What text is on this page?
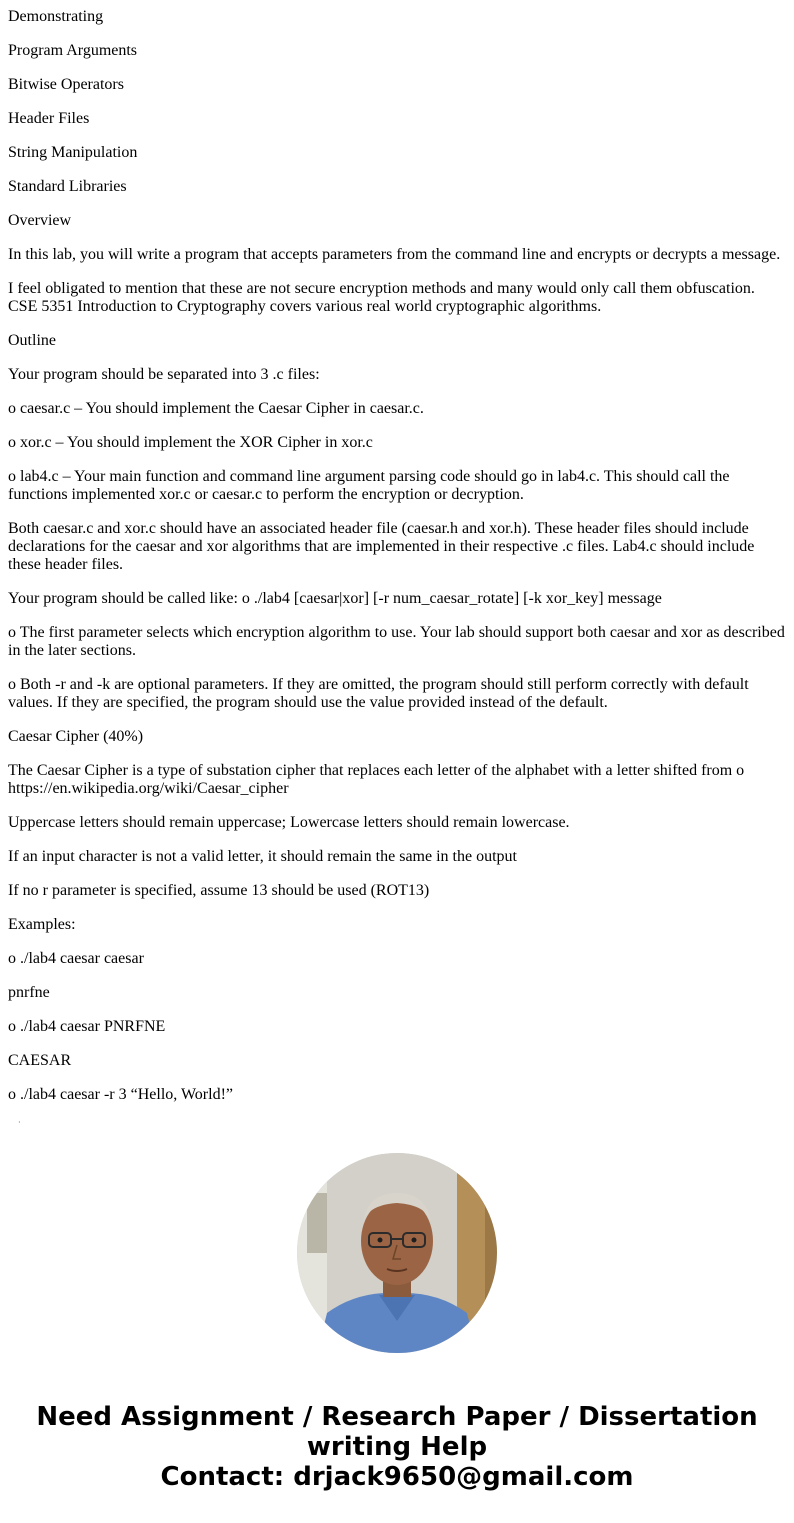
Demonstrating

Program Arguments

Bitwise Operators

Header Files

String Manipulation

Standard Libraries

Overview

In this lab, you will write a program that accepts parameters from the command line and encrypts or decrypts a message.

I feel obligated to mention that these are not secure encryption methods and many would only call them obfuscation. CSE 5351 Introduction to Cryptography covers various real world cryptographic algorithms.

Outline

Your program should be separated into 3 .c files:

o caesar.c – You should implement the Caesar Cipher in caesar.c.

o xor.c – You should implement the XOR Cipher in xor.c

o lab4.c – Your main function and command line argument parsing code should go in lab4.c. This should call the functions implemented xor.c or caesar.c to perform the encryption or decryption.

Both caesar.c and xor.c should have an associated header file (caesar.h and xor.h). These header files should include declarations for the caesar and xor algorithms that are implemented in their respective .c files. Lab4.c should include these header files.

Your program should be called like: o ./lab4 [caesar|xor] [-r num_caesar_rotate] [-k xor_key] message

o The first parameter selects which encryption algorithm to use. Your lab should support both caesar and xor as described in the later sections.

o Both -r and -k are optional parameters. If they are omitted, the program should still perform correctly with default values. If they are specified, the program should use the value provided instead of the default.

Caesar Cipher (40%)

The Caesar Cipher is a type of substation cipher that replaces each letter of the alphabet with a letter shifted from o https://en.wikipedia.org/wiki/Caesar_cipher

Uppercase letters should remain uppercase; Lowercase letters should remain lowercase.

If an input character is not a valid letter, it should remain the same in the output

If no r parameter is specified, assume 13 should be used (ROT13)

Examples:

o ./lab4 caesar caesar

pnrfne

o ./lab4 caesar PNRFNE

CAESAR

o ./lab4 caesar -r 3 “Hello, World!”

·
Need Assignment / Research Paper / Dissertation
writing Help
Contact: drjack9650@gmail.com
